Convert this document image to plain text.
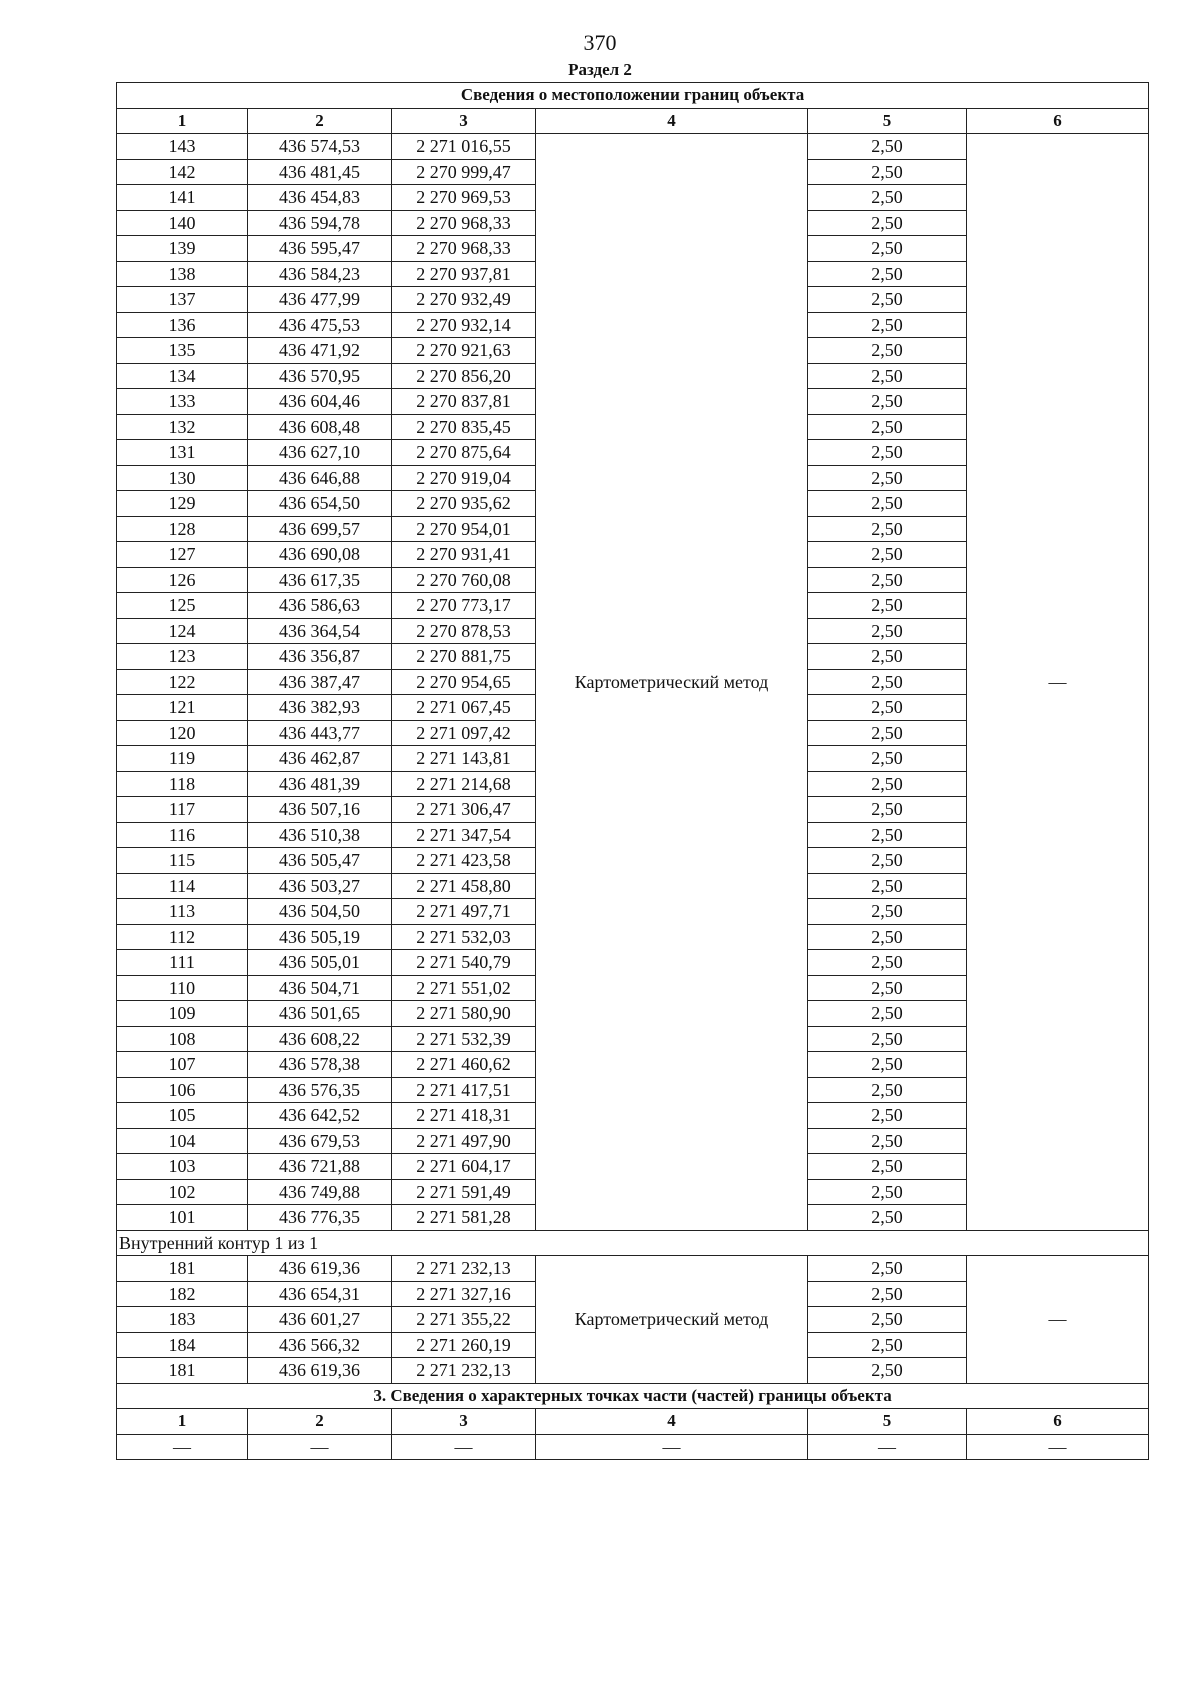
370
Раздел 2
Сведения о местоположении границ объекта					
1	2	3	4	5	6
143	436 574,53	2 271 016,55	Картометрический метод	2,50	—
142	436 481,45	2 270 999,47		2,50	
141	436 454,83	2 270 969,53		2,50	
140	436 594,78	2 270 968,33		2,50	
139	436 595,47	2 270 968,33		2,50	
138	436 584,23	2 270 937,81		2,50	
137	436 477,99	2 270 932,49		2,50	
136	436 475,53	2 270 932,14		2,50	
135	436 471,92	2 270 921,63		2,50	
134	436 570,95	2 270 856,20		2,50	
133	436 604,46	2 270 837,81		2,50	
132	436 608,48	2 270 835,45		2,50	
131	436 627,10	2 270 875,64		2,50	
130	436 646,88	2 270 919,04		2,50	
129	436 654,50	2 270 935,62		2,50	
128	436 699,57	2 270 954,01		2,50	
127	436 690,08	2 270 931,41		2,50	
126	436 617,35	2 270 760,08		2,50	
125	436 586,63	2 270 773,17		2,50	
124	436 364,54	2 270 878,53		2,50	
123	436 356,87	2 270 881,75		2,50	
122	436 387,47	2 270 954,65		2,50	
121	436 382,93	2 271 067,45		2,50	
120	436 443,77	2 271 097,42		2,50	
119	436 462,87	2 271 143,81		2,50	
118	436 481,39	2 271 214,68		2,50	
117	436 507,16	2 271 306,47		2,50	
116	436 510,38	2 271 347,54		2,50	
115	436 505,47	2 271 423,58		2,50	
114	436 503,27	2 271 458,80		2,50	
113	436 504,50	2 271 497,71		2,50	
112	436 505,19	2 271 532,03		2,50	
111	436 505,01	2 271 540,79		2,50	
110	436 504,71	2 271 551,02		2,50	
109	436 501,65	2 271 580,90		2,50	
108	436 608,22	2 271 532,39		2,50	
107	436 578,38	2 271 460,62		2,50	
106	436 576,35	2 271 417,51		2,50	
105	436 642,52	2 271 418,31		2,50	
104	436 679,53	2 271 497,90		2,50	
103	436 721,88	2 271 604,17		2,50	
102	436 749,88	2 271 591,49		2,50	
101	436 776,35	2 271 581,28		2,50	
Внутренний контур 1 из 1					
181	436 619,36	2 271 232,13	Картометрический метод	2,50	—
182	436 654,31	2 271 327,16		2,50	
183	436 601,27	2 271 355,22		2,50	
184	436 566,32	2 271 260,19		2,50	
181	436 619,36	2 271 232,13		2,50	
3. Сведения о характерных точках части (частей) границы объекта					
1	2	3	4	5	6
—	—	—	—	—	—
